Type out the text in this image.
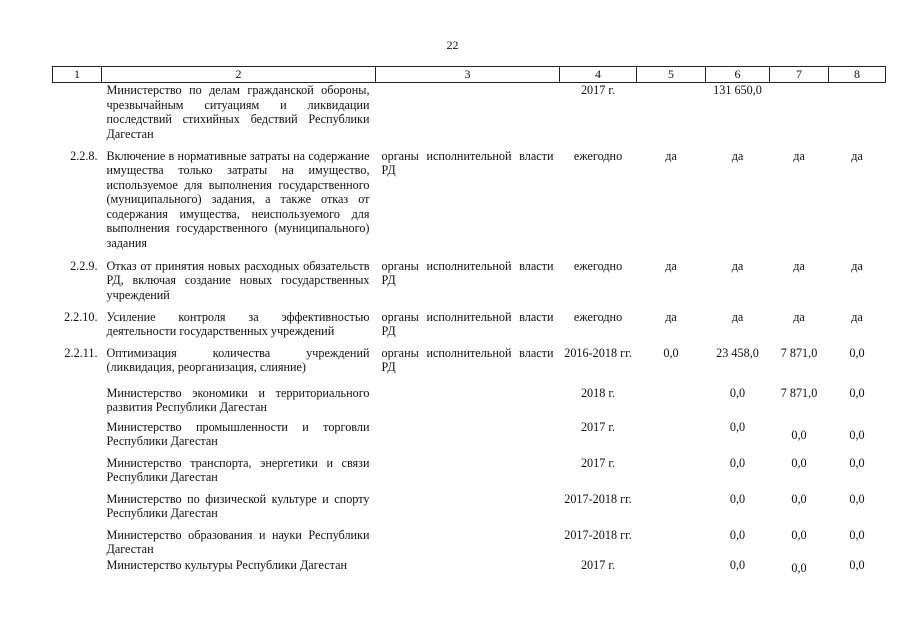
22
1	2	3	4	5	6	7	8
	Министерство по делам гражданской обороны, чрезвычайным ситуациям и ликвидации последствий стихийных бедствий Республики Дагестан		2017 г.		131 650,0		
2.2.8.	Включение в нормативные затраты на содержание имущества только затраты на имущество, используемое для выполнения государственного (муниципального) задания, а также отказ от содержания имущества, неиспользуемого для выполнения государственного (муниципального) задания	органы исполнительной власти РД	ежегодно	да	да	да	да
2.2.9.	Отказ от принятия новых расходных обязательств РД, включая создание новых государственных учреждений	органы исполнительной власти РД	ежегодно	да	да	да	да
2.2.10.	Усиление контроля за эффективностью деятельности государственных учреждений	органы исполнительной власти РД	ежегодно	да	да	да	да
2.2.11.	Оптимизация количества учреждений (ликвидация, реорганизация, слияние)	органы исполнительной власти РД	2016-2018 гг.	0,0	23 458,0	7 871,0	0,0
	Министерство экономики и территориального развития Республики Дагестан		2018 г.		0,0	7 871,0	0,0
	Министерство промышленности и торговли Республики Дагестан		2017 г.		0,0	0,0	0,0
	Министерство транспорта, энергетики и связи Республики Дагестан		2017 г.		0,0	0,0	0,0
	Министерство по физической культуре и спорту Республики Дагестан		2017-2018 гг.		0,0	0,0	0,0
	Министерство образования и науки Республики Дагестан		2017-2018 гг.		0,0	0,0	0,0
	Министерство культуры Республики Дагестан		2017 г.		0,0	0,0	0,0
